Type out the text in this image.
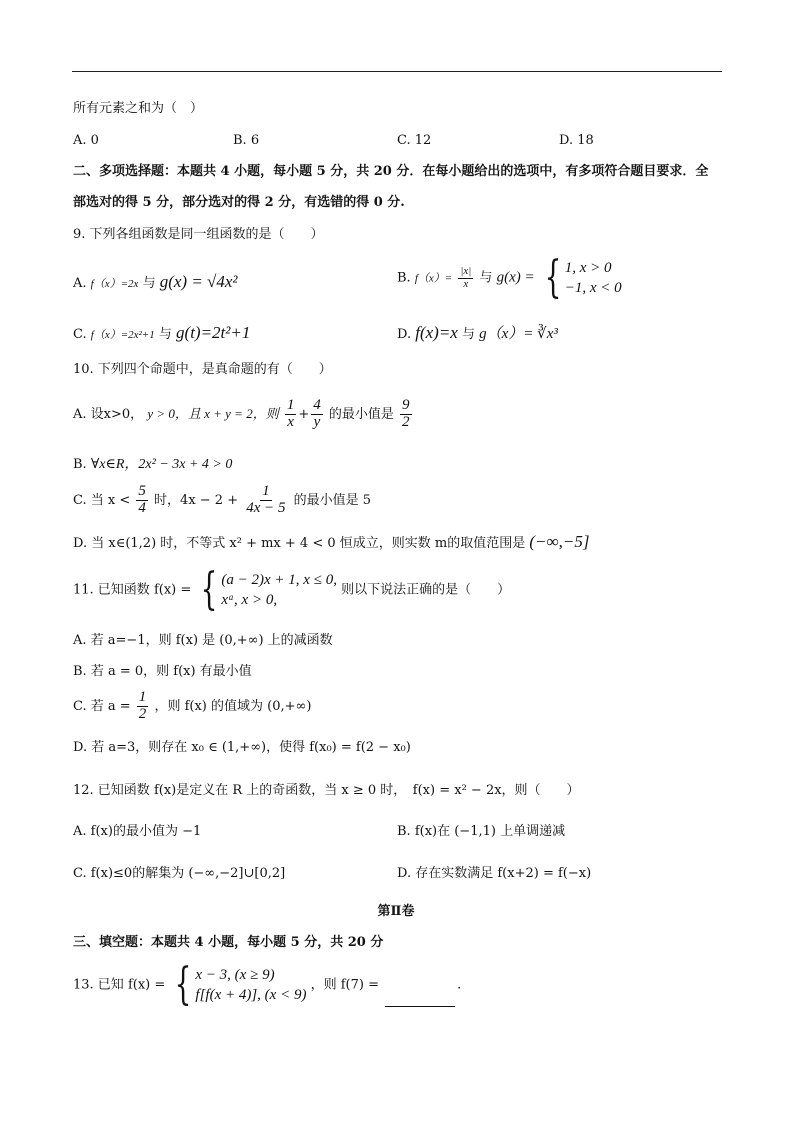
所有元素之和为（　）
A. 0	B. 6	C. 12	D. 18
二、多项选择题：本题共 4 小题，每小题 5 分，共 20 分．在每小题给出的选项中，有多项符合题目要求．全
部选对的得 5 分，部分选对的得 2 分，有选错的得 0 分.
9. 下列各组函数是同一组函数的是（　　）
A. f（x）=2x 与 g(x) = √4x²	B. $f(x)= \frac{|x|}{x}$ 与 g(x) = { 1, x > 0
−1, x < 0
C. f（x）=2x²+1 与 g(t)=2t²+1	D. f(x)=x 与 g（x）= ∛x³
10. 下列四个命题中，是真命题的有（　　）
A. 设x>0， y > 0，且 x + y = 2，则 $\frac{1}{x} + \frac{4}{y}$ 的最小值是 $\frac{9}{2}$
B. ∀x∈R，2x² − 3x + 4 > 0
C. 当 $x < \frac{5}{4}$ 时，$4x - 2 + \frac{1}{4x - 5}$ 的最小值是 5
D. 当 x∈(1,2) 时，不等式 x² + mx + 4 < 0 恒成立，则实数 m的取值范围是 (−∞,−5]
11. 已知函数 f(x) = { (a − 2)x + 1, x ≤ 0,
xᵃ, x > 0,
则以下说法正确的是（　　）
A. 若 a=−1，则 f(x) 是 (0,+∞) 上的减函数
B. 若 a = 0，则 f(x) 有最小值
C. 若 $a = \frac{1}{2}$ ，则 f(x) 的值域为 (0,+∞)
D. 若 a=3，则存在 x₀ ∈ (1,+∞)，使得 f(x₀) = f(2 − x₀)
12. 已知函数 f(x)是定义在 R 上的奇函数，当 x ≥ 0 时，　f(x) = x² − 2x，则（　　）
A. f(x)的最小值为 −1	B. f(x)在 (−1,1) 上单调递减
C. f(x)≤0的解集为 (−∞,−2]∪[0,2]	D. 存在实数满足 f(x+2) = f(−x)
第Ⅱ卷
三、填空题：本题共 4 小题，每小题 5 分，共 20 分
13. 已知 f(x) = { x − 3, (x ≥ 9)
f[f(x + 4)], (x < 9)
，则 f(7) =	.
